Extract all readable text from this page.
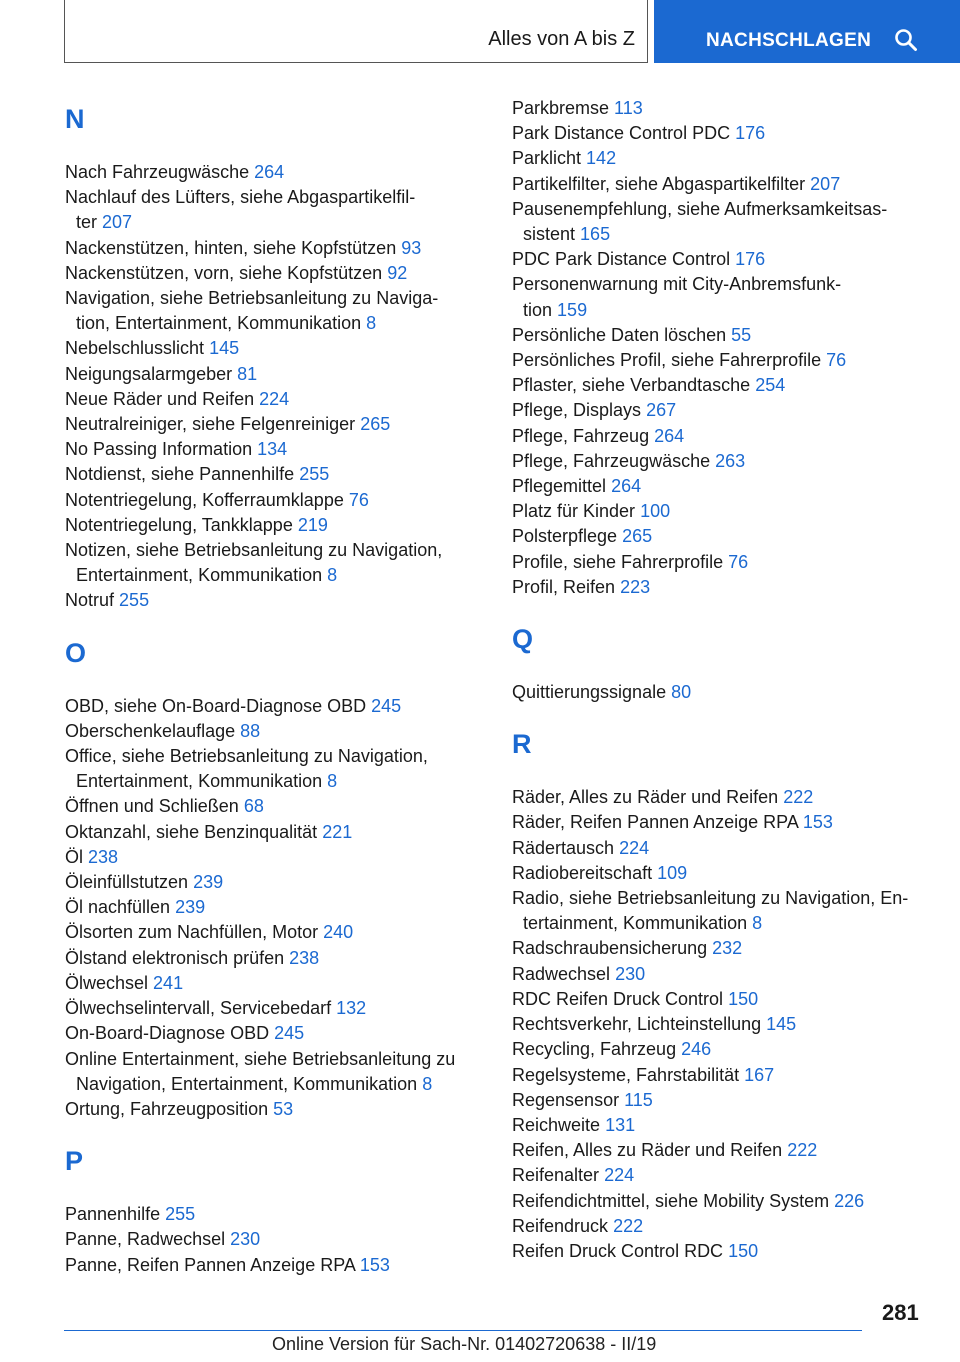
Alles von A bis Z	NACHSCHLAGEN
N
Nach Fahrzeugwäsche 264
Nachlauf des Lüfters, siehe Abgaspartikelfil-
ter 207
Nackenstützen, hinten, siehe Kopfstützen 93
Nackenstützen, vorn, siehe Kopfstützen 92
Navigation, siehe Betriebsanleitung zu Naviga-
tion, Entertainment, Kommunikation 8
Nebelschlusslicht 145
Neigungsalarmgeber 81
Neue Räder und Reifen 224
Neutralreiniger, siehe Felgenreiniger 265
No Passing Information 134
Notdienst, siehe Pannenhilfe 255
Notentriegelung, Kofferraumklappe 76
Notentriegelung, Tankklappe 219
Notizen, siehe Betriebsanleitung zu Navigation,
Entertainment, Kommunikation 8
Notruf 255
O
OBD, siehe On-Board-Diagnose OBD 245
Oberschenkelauflage 88
Office, siehe Betriebsanleitung zu Navigation,
Entertainment, Kommunikation 8
Öffnen und Schließen 68
Oktanzahl, siehe Benzinqualität 221
Öl 238
Öleinfüllstutzen 239
Öl nachfüllen 239
Ölsorten zum Nachfüllen, Motor 240
Ölstand elektronisch prüfen 238
Ölwechsel 241
Ölwechselintervall, Servicebedarf 132
On-Board-Diagnose OBD 245
Online Entertainment, siehe Betriebsanleitung zu
Navigation, Entertainment, Kommunikation 8
Ortung, Fahrzeugposition 53
P
Pannenhilfe 255
Panne, Radwechsel 230
Panne, Reifen Pannen Anzeige RPA 153
Parkbremse 113
Park Distance Control PDC 176
Parklicht 142
Partikelfilter, siehe Abgaspartikelfilter 207
Pausenempfehlung, siehe Aufmerksamkeitsas-
sistent 165
PDC Park Distance Control 176
Personenwarnung mit City-Anbremsfunk-
tion 159
Persönliche Daten löschen 55
Persönliches Profil, siehe Fahrerprofile 76
Pflaster, siehe Verbandtasche 254
Pflege, Displays 267
Pflege, Fahrzeug 264
Pflege, Fahrzeugwäsche 263
Pflegemittel 264
Platz für Kinder 100
Polsterpflege 265
Profile, siehe Fahrerprofile 76
Profil, Reifen 223
Q
Quittierungssignale 80
R
Räder, Alles zu Räder und Reifen 222
Räder, Reifen Pannen Anzeige RPA 153
Rädertausch 224
Radiobereitschaft 109
Radio, siehe Betriebsanleitung zu Navigation, En-
tertainment, Kommunikation 8
Radschraubensicherung 232
Radwechsel 230
RDC Reifen Druck Control 150
Rechtsverkehr, Lichteinstellung 145
Recycling, Fahrzeug 246
Regelsysteme, Fahrstabilität 167
Regensensor 115
Reichweite 131
Reifen, Alles zu Räder und Reifen 222
Reifenalter 224
Reifendichtmittel, siehe Mobility System 226
Reifendruck 222
Reifen Druck Control RDC 150
281
Online Version für Sach-Nr. 01402720638 - II/19
